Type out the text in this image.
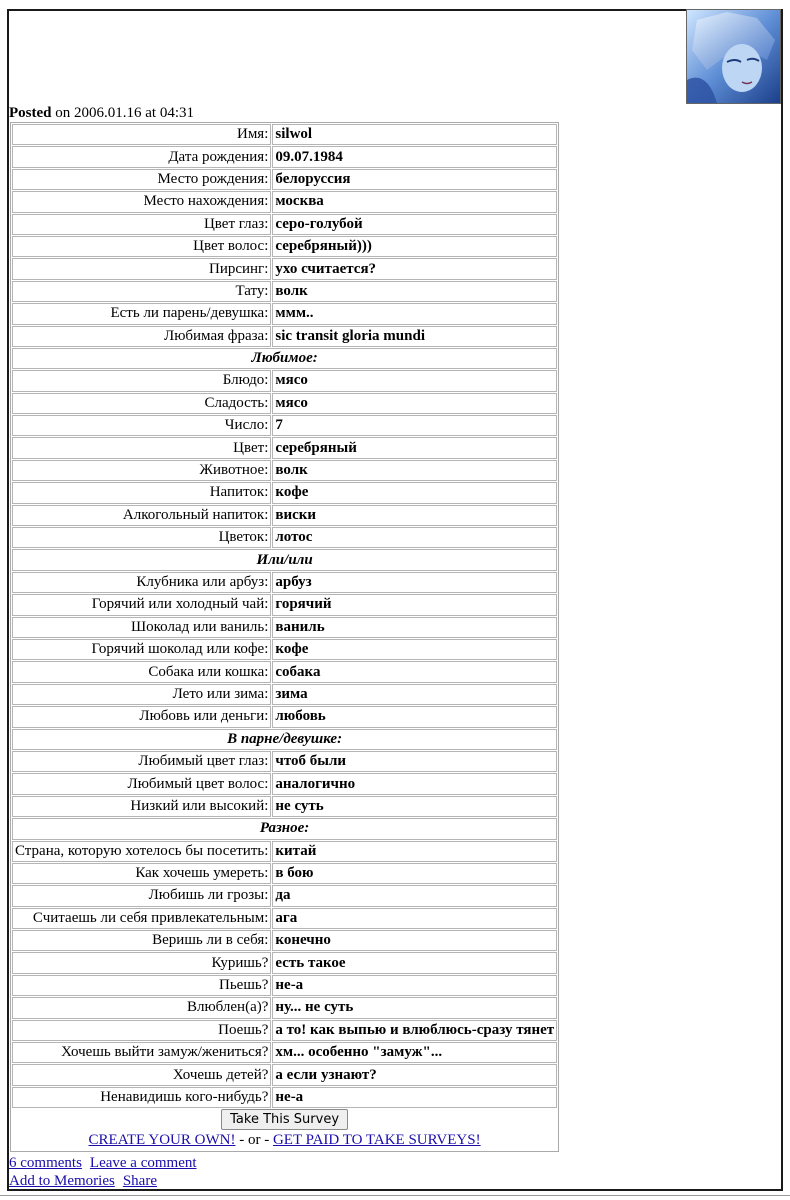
Posted on 2006.01.16 at 04:31
Имя:	silwol
Дата рождения:	09.07.1984
Место рождения:	белоруссия
Место нахождения:	москва
Цвет глаз:	серо-голубой
Цвет волос:	серебряный)))
Пирсинг:	ухо считается?
Тату:	волк
Есть ли парень/девушка:	ммм..
Любимая фраза:	sic transit gloria mundi
Любимое:	
Блюдо:	мясо
Сладость:	мясо
Число:	7
Цвет:	серебряный
Животное:	волк
Напиток:	кофе
Алкогольный напиток:	виски
Цветок:	лотос
Или/или	
Клубника или арбуз:	арбуз
Горячий или холодный чай:	горячий
Шоколад или ваниль:	ваниль
Горячий шоколад или кофе:	кофе
Собака или кошка:	собака
Лето или зима:	зима
Любовь или деньги:	любовь
В парне/девушке:	
Любимый цвет глаз:	чтоб были
Любимый цвет волос:	аналогично
Низкий или высокий:	не суть
Разное:	
Страна, которую хотелось бы посетить:	китай
Как хочешь умереть:	в бою
Любишь ли грозы:	да
Считаешь ли себя привлекательным:	ага
Веришь ли в себя:	конечно
Куришь?	есть такое
Пьешь?	не-а
Влюблен(а)?	ну... не суть
Поешь?	а то! как выпью и влюблюсь-сразу тянет
Хочешь выйти замуж/жениться?	хм... особенно "замуж"...
Хочешь детей?	а если узнают?
Ненавидишь кого-нибудь?	не-а
Take This Survey
CREATE YOUR OWN! - or - GET PAID TO TAKE SURVEYS!	
6 comments Leave a comment
Add to Memories Share
